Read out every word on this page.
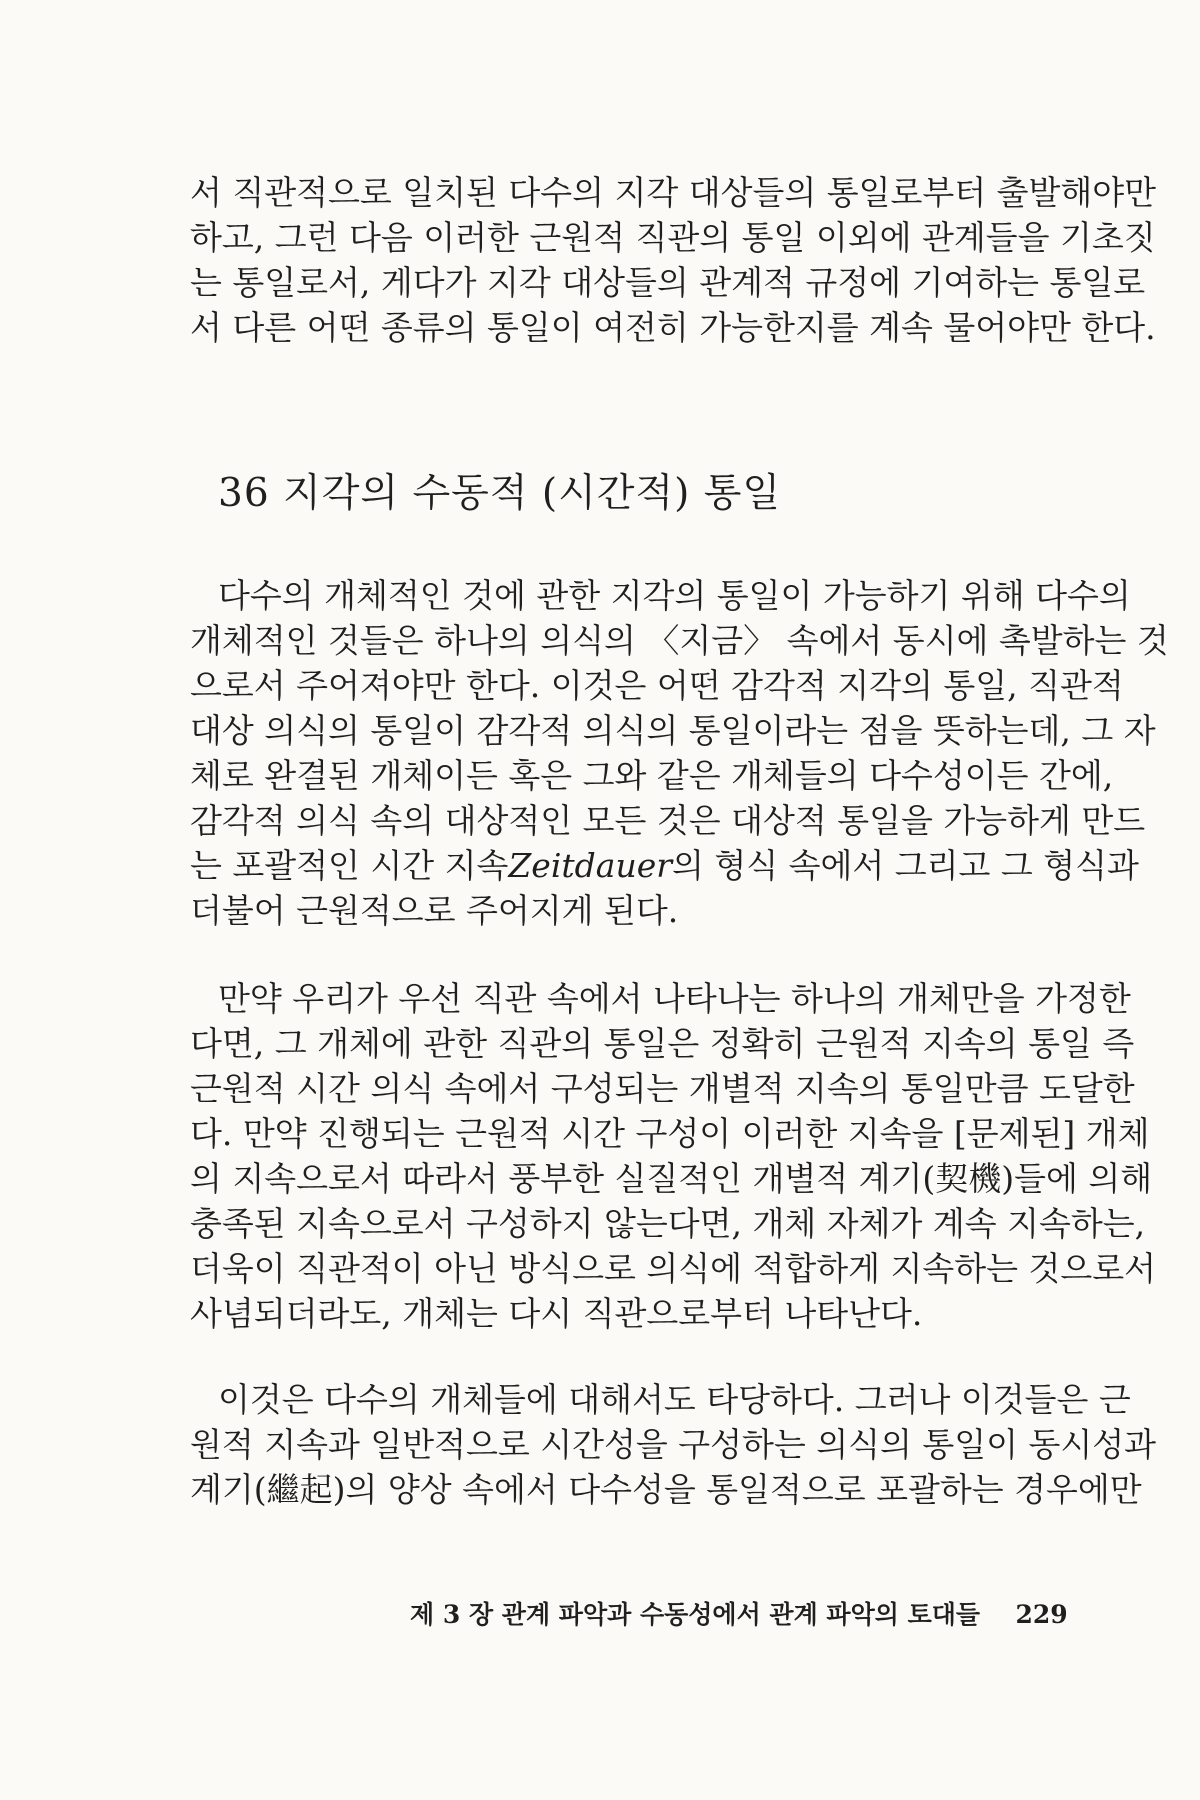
서 직관적으로 일치된 다수의 지각 대상들의 통일로부터 출발해야만
하고, 그런 다음 이러한 근원적 직관의 통일 이외에 관계들을 기초짓
는 통일로서, 게다가 지각 대상들의 관계적 규정에 기여하는 통일로
서 다른 어떤 종류의 통일이 여전히 가능한지를 계속 물어야만 한다.
36 지각의 수동적 (시간적) 통일
다수의 개체적인 것에 관한 지각의 통일이 가능하기 위해 다수의
개체적인 것들은 하나의 의식의 〈지금〉 속에서 동시에 촉발하는 것
으로서 주어져야만 한다. 이것은 어떤 감각적 지각의 통일, 직관적
대상 의식의 통일이 감각적 의식의 통일이라는 점을 뜻하는데, 그 자
체로 완결된 개체이든 혹은 그와 같은 개체들의 다수성이든 간에,
감각적 의식 속의 대상적인 모든 것은 대상적 통일을 가능하게 만드
는 포괄적인 시간 지속Zeitdauer의 형식 속에서 그리고 그 형식과
더불어 근원적으로 주어지게 된다.
만약 우리가 우선 직관 속에서 나타나는 하나의 개체만을 가정한
다면, 그 개체에 관한 직관의 통일은 정확히 근원적 지속의 통일 즉
근원적 시간 의식 속에서 구성되는 개별적 지속의 통일만큼 도달한
다. 만약 진행되는 근원적 시간 구성이 이러한 지속을 [문제된] 개체
의 지속으로서 따라서 풍부한 실질적인 개별적 계기(契機)들에 의해
충족된 지속으로서 구성하지 않는다면, 개체 자체가 계속 지속하는,
더욱이 직관적이 아닌 방식으로 의식에 적합하게 지속하는 것으로서
사념되더라도, 개체는 다시 직관으로부터 나타난다.
이것은 다수의 개체들에 대해서도 타당하다. 그러나 이것들은 근
원적 지속과 일반적으로 시간성을 구성하는 의식의 통일이 동시성과
계기(繼起)의 양상 속에서 다수성을 통일적으로 포괄하는 경우에만
제 3 장 관계 파악과 수동성에서 관계 파악의 토대들 229
